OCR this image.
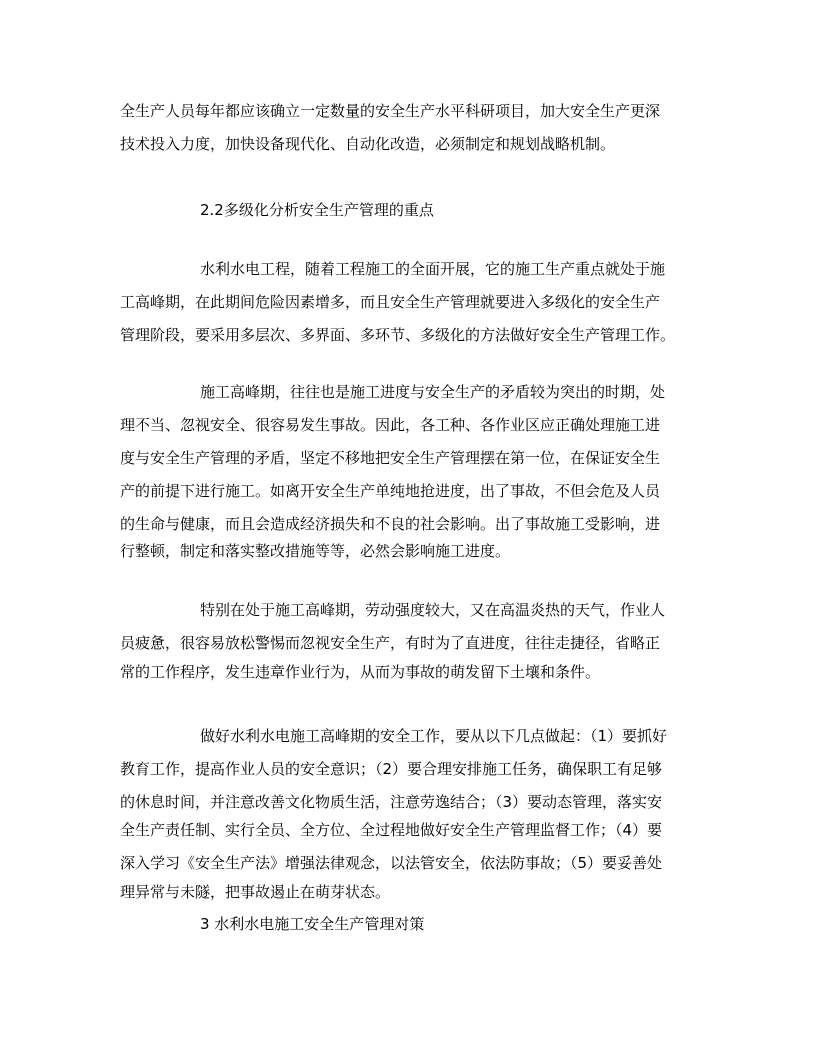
全生产人员每年都应该确立一定数量的安全生产水平科研项目，加大安全生产更深
技术投入力度，加快设备现代化、自动化改造，必须制定和规划战略机制。
2.2多级化分析安全生产管理的重点
水利水电工程，随着工程施工的全面开展，它的施工生产重点就处于施
工高峰期，在此期间危险因素增多，而且安全生产管理就要进入多级化的安全生产
管理阶段，要采用多层次、多界面、多环节、多级化的方法做好安全生产管理工作。
施工高峰期，往往也是施工进度与安全生产的矛盾较为突出的时期，处
理不当、忽视安全、很容易发生事故。因此，各工种、各作业区应正确处理施工进
度与安全生产管理的矛盾，坚定不移地把安全生产管理摆在第一位，在保证安全生
产的前提下进行施工。如离开安全生产单纯地抢进度，出了事故，不但会危及人员
的生命与健康，而且会造成经济损失和不良的社会影响。出了事故施工受影响，进
行整顿，制定和落实整改措施等等，必然会影响施工进度。
特别在处于施工高峰期，劳动强度较大，又在高温炎热的天气，作业人
员疲惫，很容易放松警惕而忽视安全生产，有时为了直进度，往往走捷径，省略正
常的工作程序，发生违章作业行为，从而为事故的萌发留下土壤和条件。
做好水利水电施工高峰期的安全工作，要从以下几点做起：（1）要抓好
教育工作，提高作业人员的安全意识；（2）要合理安排施工任务，确保职工有足够
的休息时间，并注意改善文化物质生活，注意劳逸结合；（3）要动态管理，落实安
全生产责任制、实行全员、全方位、全过程地做好安全生产管理监督工作；（4）要
深入学习《安全生产法》增强法律观念，以法管安全，依法防事故；（5）要妥善处
理异常与未隧，把事故遏止在萌芽状态。
3 水利水电施工安全生产管理对策
